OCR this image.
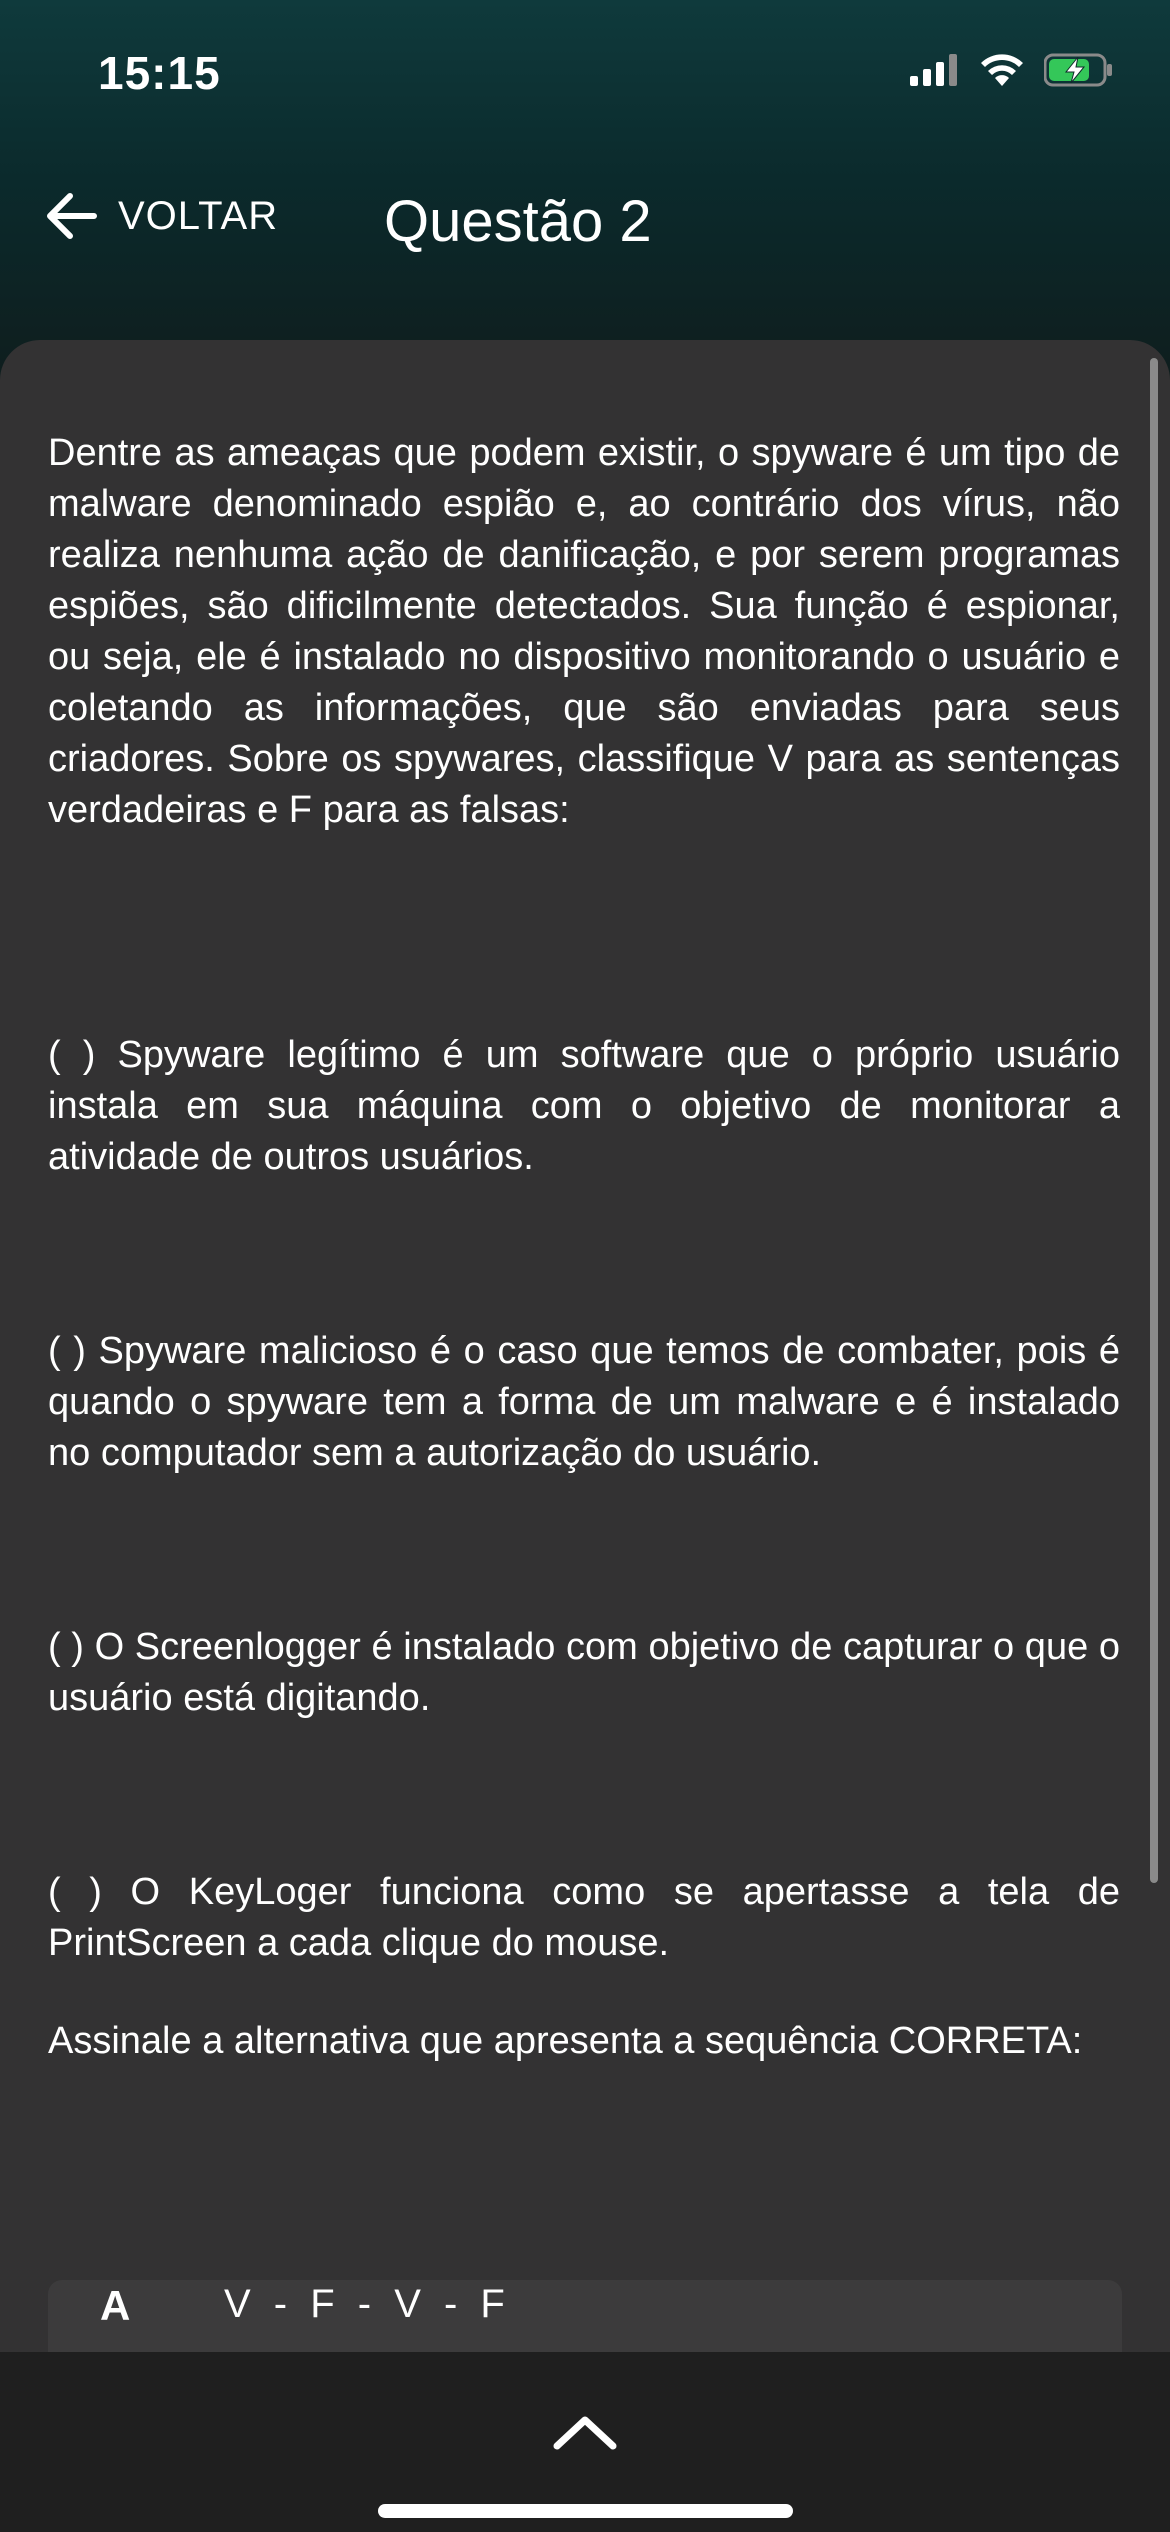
15:15
VOLTAR Questão 2
Dentre as ameaças que podem existir, o spyware é um tipo de malware denominado espião e, ao contrário dos vírus, não realiza nenhuma ação de danificação, e por serem programas espiões, são dificilmente detectados. Sua função é espionar, ou seja, ele é instalado no dispositivo monitorando o usuário e coletando as informações, que são enviadas para seus criadores. Sobre os spywares, classifique V para as sentenças verdadeiras e F para as falsas:
( ) Spyware legítimo é um software que o próprio usuário instala em sua máquina com o objetivo de monitorar a atividade de outros usuários.
( ) Spyware malicioso é o caso que temos de combater, pois é quando o spyware tem a forma de um malware e é instalado no computador sem a autorização do usuário.
( ) O Screenlogger é instalado com objetivo de capturar o que o usuário está digitando.
( ) O KeyLoger funciona como se apertasse a tela de PrintScreen a cada clique do mouse.
Assinale a alternativa que apresenta a sequência CORRETA:
A V - F - V - F
